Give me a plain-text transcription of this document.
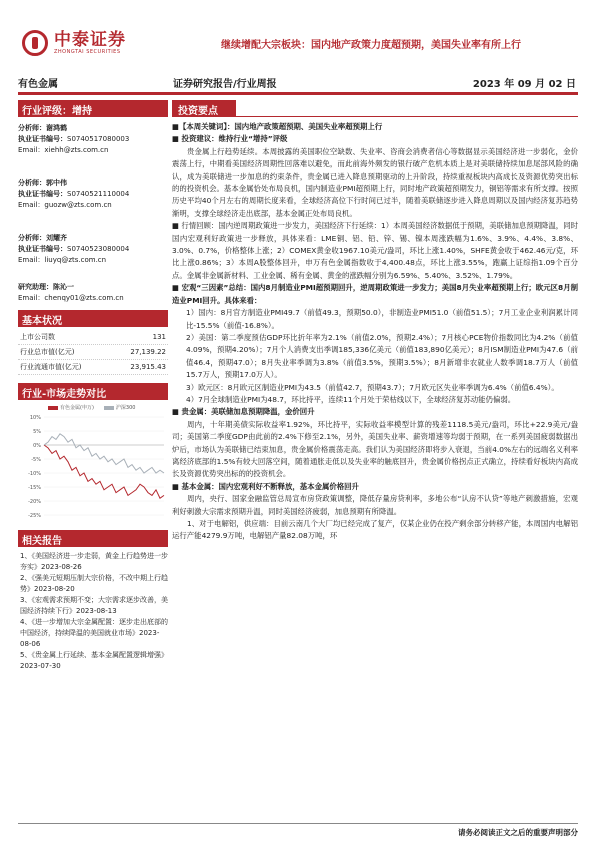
中泰证券
ZHONGTAI SECURITIES
继续增配大宗板块：国内地产政策力度超预期，美国失业率有所上行
有色金属	证券研究报告/行业周报	2023 年 09 月 02 日
行业评级：增持
分析师：谢鸿鹤
执业证书编号：S0740517080003
Email：xiehh@zts.com.cn
分析师：郭中伟
执业证书编号：S0740521110004
Email：guozw@zts.com.cn
分析师：刘耀齐
执业证书编号：S0740523080004
Email：liuyq@zts.com.cn
研究助理：陈沁一
Email：chenqy01@zts.com.cn
基本状况
上市公司数	131
行业总市值(亿元)	27,139.22
行业流通市值(亿元)	23,915.43
行业-市场走势对比
有色金属(申万)	沪深300
10%
5%
0%
-5%
-10%
-15%
-20%
-25%
相关报告
1、《美国经济进一步走弱，黄金上行趋势进一步夯实》2023-08-26
2、《强美元短期压制大宗价格，不改中期上行趋势》2023-08-20
3、《宏观需求预期不变；大宗需求逐步改善，美国经济持续下行》2023-08-13
4、《进一步增加大宗金属配置：逐步走出底部的中国经济，持续降温的美国就业市场》2023-08-06
5、《贵金属上行延续、基本金属配置逻辑增强》2023-07-30
投资要点
■【本周关键词】：国内地产政策超预期、美国失业率超预期上行
■ 投资建议：维持行业“增持”评级
贵金属上行趋势延续。本周披露的美国职位空缺数、失业率、咨商会消费者信心等数据显示美国经济进一步弱化，金价震荡上行，中期看美国经济周期性回落难以避免，而此前海外频发的银行破产危机本质上是对美联储持续加息尾部风险的确认，成为美联储进一步加息的约束条件，贵金属已进入降息预期驱动的上升阶段，持续重视板块内高成长及资源优势突出标的的投资机会。基本金属恰处布局良机，国内制造业PMI超预期上行，同时地产政策超预期发力，铜铝等需求有所支撑。按照历史平均40个月左右的周期长度来看，全球经济高位下行时间已过半，随着美联储逐步进入降息周期以及国内经济复苏趋势渐明，支撑全球经济走出底部，基本金属正处布局良机。
■ 行情回顾：国内逆周期政策进一步发力，美国经济下行延续：1）本周美国经济数据低于预期，美联储加息预期降温，同时国内宏观利好政策进一步释放，具体来看：LME铜、铝、铅、锌、锡、镍本周涨跌幅为1.6%、3.9%、4.4%、3.8%、3.0%、0.7%，价格整体上涨；2）COMEX黄金收1967.10美元/盎司，环比上涨1.40%，SHFE黄金收于462.46元/克，环比上涨0.86%；3）本周A股整体回升，申万有色金属指数收于4,400.48点，环比上涨3.55%，跑赢上证综指1.09个百分点。金属非金属新材料、工业金属、稀有金属、黄金的涨跌幅分别为6.59%、5.40%、3.52%、1.79%。
■ 宏观“三因素”总结：国内8月制造业PMI超预期回升，逆周期政策进一步发力；美国8月失业率超预期上行；欧元区8月制造业PMI回升。具体来看：
1）国内：8月官方制造业PMI49.7（前值49.3，预期50.0），非制造业PMI51.0（前值51.5）；7月工业企业利润累计同比-15.5%（前值-16.8%）。
2）美国：第二季度预估GDP环比折年率为2.1%（前值2.0%，预期2.4%）；7月核心PCE物价指数同比为4.2%（前值4.09%，预期4.20%）；7月个人消费支出季调185,336亿美元（前值183,890亿美元）；8月ISM制造业PMI为47.6（前值46.4，预期47.0）；8月失业率季调为3.8%（前值3.5%，预期3.5%）；8月新增非农就业人数季调18.7万人（前值15.7万人，预期17.0万人）。
3）欧元区：8月欧元区制造业PMI为43.5（前值42.7，预期43.7）；7月欧元区失业率季调为6.4%（前值6.4%）。
4）7月全球制造业PMI为48.7，环比持平，连续11个月处于荣枯线以下，全球经济复苏动能仍偏弱。
■ 贵金属：美联储加息预期降温，金价回升
周内，十年期美债实际收益率1.92%，环比持平，实际收益率模型计算的残差1118.5美元/盎司，环比+22.9美元/盎司；美国第二季度GDP由此前的2.4%下修至2.1%，另外，美国失业率、薪资增速等均弱于预期，在一系列美国疲弱数据出炉后，市场认为美联储已结束加息，贵金属价格震荡走高。我们认为美国经济即将步入衰退，当前4.0%左右的远端名义利率离经济底部的1.5%有较大回落空间，随着通胀走低以及失业率的触底回升，贵金属价格拐点正式确立，持续看好板块内高成长及资源优势突出标的的投资机会。
■ 基本金属：国内宏观利好不断释放，基本金属价格回升
周内，央行、国家金融监管总局宣布房贷政策调整，降低存量房贷利率，多地公布“认房不认贷”等地产刺激措施，宏观利好刺激大宗需求预期升温，同时美国经济疲弱，加息预期有所降温。
1、对于电解铝，供应端：目前云南几个大厂均已经完成了复产，仅某企业仍在投产剩余部分转移产能，本周国内电解铝运行产能4279.9万吨，电解铝产量82.08万吨，环
请务必阅读正文之后的重要声明部分
